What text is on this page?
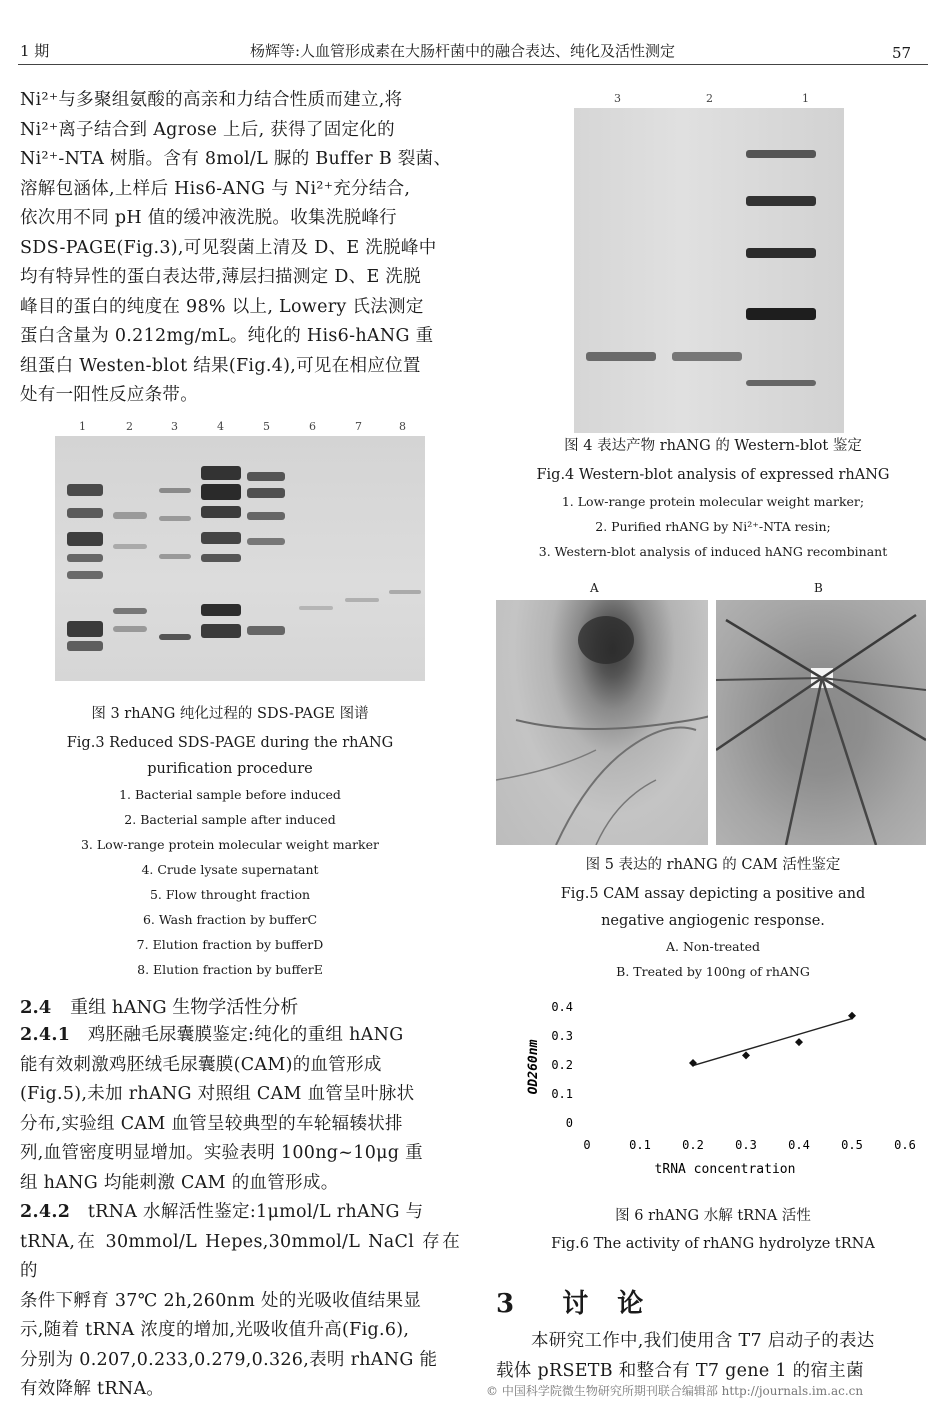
1 期	杨辉等:人血管形成素在大肠杆菌中的融合表达、纯化及活性测定	57

Ni²⁺与多聚组氨酸的高亲和力结合性质而建立,将

Ni²⁺离子结合到 Agrose 上后, 获得了固定化的

Ni²⁺-NTA 树脂。含有 8mol/L 脲的 Buffer B 裂菌、

溶解包涵体,上样后 His6-ANG 与 Ni²⁺充分结合,

依次用不同 pH 值的缓冲液洗脱。收集洗脱峰行

SDS-PAGE(Fig.3),可见裂菌上清及 D、E 洗脱峰中

均有特异性的蛋白表达带,薄层扫描测定 D、E 洗脱

峰目的蛋白的纯度在 98% 以上, Lowery 氏法测定

蛋白含量为 0.212mg/mL。纯化的 His6-hANG 重

组蛋白 Westen-blot 结果(Fig.4),可见在相应位置

处有一阳性反应条带。

1	2	3	4	5	6	7	8
图 3 rhANG 纯化过程的 SDS-PAGE 图谱
Fig.3 Reduced SDS-PAGE during the rhANG
purification procedure
1. Bacterial sample before induced
2. Bacterial sample after induced
3. Low-range protein molecular weight marker
4. Crude lysate supernatant
5. Flow throught fraction
6. Wash fraction by bufferC
7. Elution fraction by bufferD
8. Elution fraction by bufferE
2.4 重组 hANG 生物学活性分析

2.4.1 鸡胚融毛尿囊膜鉴定:纯化的重组 hANG

能有效刺激鸡胚绒毛尿囊膜(CAM)的血管形成

(Fig.5),未加 rhANG 对照组 CAM 血管呈叶脉状

分布,实验组 CAM 血管呈较典型的车轮辐辏状排

列,血管密度明显增加。实验表明 100ng~10μg 重

组 hANG 均能刺激 CAM 的血管形成。

2.4.2 tRNA 水解活性鉴定:1μmol/L rhANG 与

tRNA,在 30mmol/L Hepes,30mmol/L NaCl 存在的

条件下孵育 37℃ 2h,260nm 处的光吸收值结果显

示,随着 tRNA 浓度的增加,光吸收值升高(Fig.6),

分别为 0.207,0.233,0.279,0.326,表明 rhANG 能

有效降解 tRNA。

3	2	1
图 4 表达产物 rhANG 的 Western-blot 鉴定
Fig.4 Western-blot analysis of expressed rhANG
1. Low-range protein molecular weight marker;
2. Purified rhANG by Ni²⁺-NTA resin;
3. Western-blot analysis of induced hANG recombinant
A	B
图 5 表达的 rhANG 的 CAM 活性鉴定
Fig.5 CAM assay depicting a positive and
negative angiogenic response.
A. Non-treated
B. Treated by 100ng of rhANG
0
0.1
0.2
0.3
0.4
0	0.1	0.2	0.3	0.4	0.5	0.6
tRNA concentration
OD260nm
图 6 rhANG 水解 tRNA 活性
Fig.6 The activity of rhANG hydrolyze tRNA
3 讨 论

本研究工作中,我们使用含 T7 启动子的表达

载体 pRSETB 和整合有 T7 gene 1 的宿主菌

© 中国科学院微生物研究所期刊联合编辑部 http://journals.im.ac.cn
